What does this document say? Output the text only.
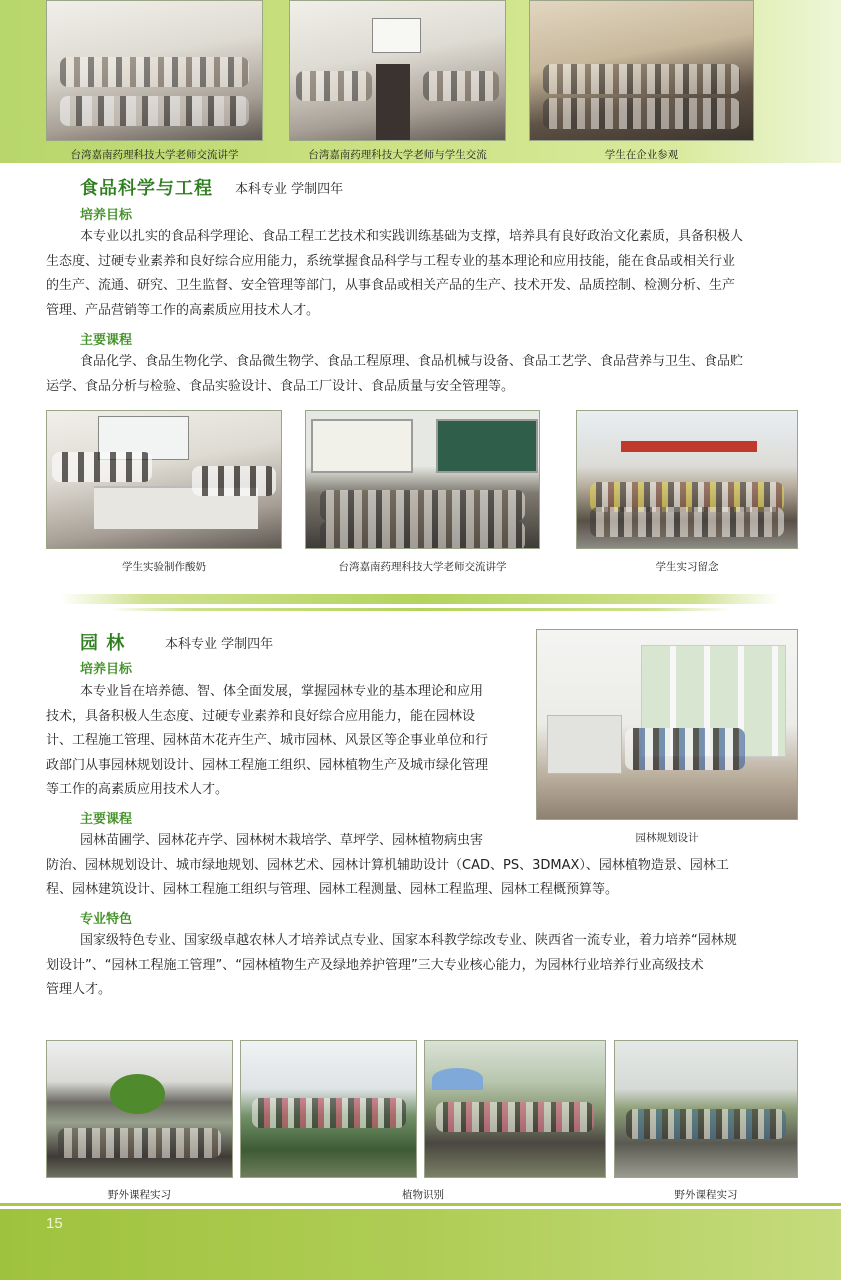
台湾嘉南药理科技大学老师交流讲学	台湾嘉南药理科技大学老师与学生交流	学生在企业参观
食品科学与工程 本科专业 学制四年
培养目标
本专业以扎实的食品科学理论、食品工程工艺技术和实践训练基础为支撑，培养具有良好政治文化素质，具备积极人
生态度、过硬专业素养和良好综合应用能力，系统掌握食品科学与工程专业的基本理论和应用技能，能在食品或相关行业
的生产、流通、研究、卫生监督、安全管理等部门，从事食品或相关产品的生产、技术开发、品质控制、检测分析、生产
管理、产品营销等工作的高素质应用技术人才。
主要课程
食品化学、食品生物化学、食品微生物学、食品工程原理、食品机械与设备、食品工艺学、食品营养与卫生、食品贮
运学、食品分析与检验、食品实验设计、食品工厂设计、食品质量与安全管理等。
学生实验制作酸奶	台湾嘉南药理科技大学老师交流讲学	学生实习留念
园 林	本科专业 学制四年
培养目标
本专业旨在培养德、智、体全面发展，掌握园林专业的基本理论和应用
技术，具备积极人生态度、过硬专业素养和良好综合应用能力，能在园林设
计、工程施工管理、园林苗木花卉生产、城市园林、风景区等企事业单位和行
政部门从事园林规划设计、园林工程施工组织、园林植物生产及城市绿化管理
等工作的高素质应用技术人才。
主要课程
园林苗圃学、园林花卉学、园林树木栽培学、草坪学、园林植物病虫害
防治、园林规划设计、城市绿地规划、园林艺术、园林计算机辅助设计（CAD、PS、3DMAX）、园林植物造景、园林工
程、园林建筑设计、园林工程施工组织与管理、园林工程测量、园林工程监理、园林工程概预算等。
园林规划设计
专业特色
国家级特色专业、国家级卓越农林人才培养试点专业、国家本科教学综改专业、陕西省一流专业，着力培养“园林规
划设计”、“园林工程施工管理”、“园林植物生产及绿地养护管理”三大专业核心能力，为园林行业培养行业高级技术
管理人才。
野外课程实习	植物识别	野外课程实习
15
